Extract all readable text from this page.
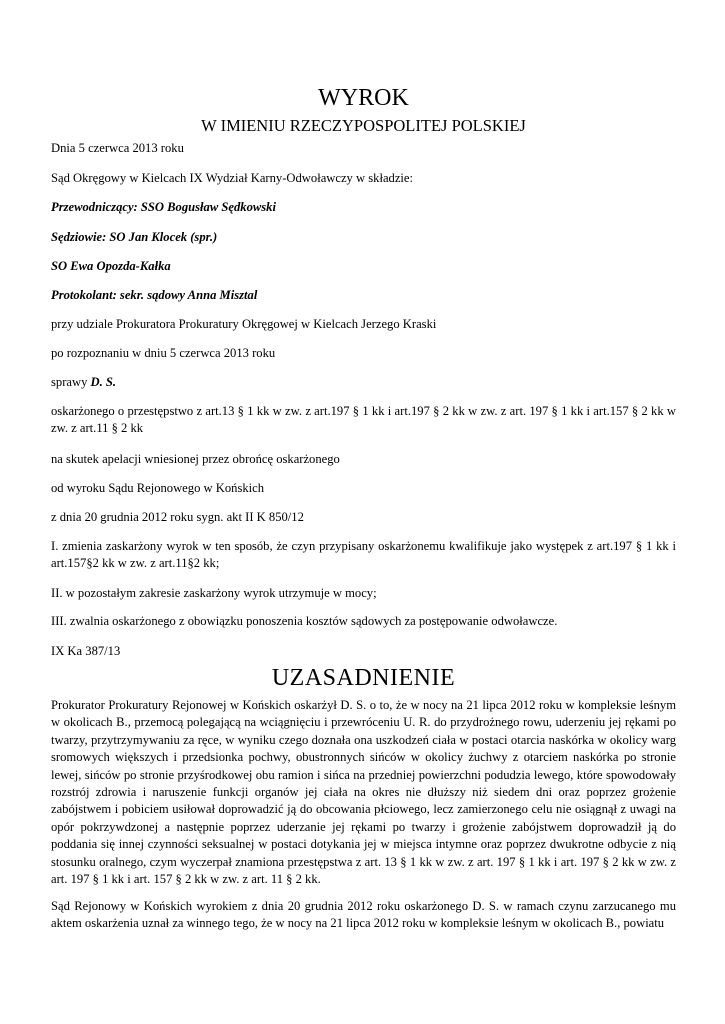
WYROK
W IMIENIU RZECZYPOSPOLITEJ POLSKIEJ

Dnia 5 czerwca 2013 roku

Sąd Okręgowy w Kielcach IX Wydział Karny-Odwoławczy w składzie:

Przewodniczący: SSO Bogusław Sędkowski

Sędziowie: SO Jan Klocek (spr.)

SO Ewa Opozda-Kałka

Protokolant: sekr. sądowy Anna Misztal

przy udziale Prokuratora Prokuratury Okręgowej w Kielcach Jerzego Kraski

po rozpoznaniu w dniu 5 czerwca 2013 roku

sprawy D. S.

oskarżonego o przestępstwo z art.13 § 1 kk w zw. z art.197 § 1 kk i art.197 § 2 kk w zw. z art. 197 § 1 kk i art.157 § 2 kk w zw. z art.11 § 2 kk

na skutek apelacji wniesionej przez obrońcę oskarżonego

od wyroku Sądu Rejonowego w Końskich

z dnia 20 grudnia 2012 roku sygn. akt II K 850/12

I. zmienia zaskarżony wyrok w ten sposób, że czyn przypisany oskarżonemu kwalifikuje jako występek z art.197 § 1 kk i art.157§2 kk w zw. z art.11§2 kk;

II. w pozostałym zakresie zaskarżony wyrok utrzymuje w mocy;

III. zwalnia oskarżonego z obowiązku ponoszenia kosztów sądowych za postępowanie odwoławcze.

IX Ka 387/13

UZASADNIENIE

Prokurator Prokuratury Rejonowej w Końskich oskarżył D. S. o to, że w nocy na 21 lipca 2012 roku w kompleksie leśnym w okolicach B., przemocą polegającą na wciągnięciu i przewróceniu U. R. do przydrożnego rowu, uderzeniu jej rękami po twarzy, przytrzymywaniu za ręce, w wyniku czego doznała ona uszkodzeń ciała w postaci otarcia naskórka w okolicy warg sromowych większych i przedsionka pochwy, obustronnych sińców w okolicy żuchwy z otarciem naskórka po stronie lewej, sińców po stronie przyśrodkowej obu ramion i sińca na przedniej powierzchni podudzia lewego, które spowodowały rozstrój zdrowia i naruszenie funkcji organów jej ciała na okres nie dłuższy niż siedem dni oraz poprzez grożenie zabójstwem i pobiciem usiłował doprowadzić ją do obcowania płciowego, lecz zamierzonego celu nie osiągnął z uwagi na opór pokrzywdzonej a następnie poprzez uderzanie jej rękami po twarzy i grożenie zabójstwem doprowadził ją do poddania się innej czynności seksualnej w postaci dotykania jej w miejsca intymne oraz poprzez dwukrotne odbycie z nią stosunku oralnego, czym wyczerpał znamiona przestępstwa z art. 13 § 1 kk w zw. z art. 197 § 1 kk i art. 197 § 2 kk w zw. z art. 197 § 1 kk i art. 157 § 2 kk w zw. z art. 11 § 2 kk.

Sąd Rejonowy w Końskich wyrokiem z dnia 20 grudnia 2012 roku oskarżonego D. S. w ramach czynu zarzucanego mu aktem oskarżenia uznał za winnego tego, że w nocy na 21 lipca 2012 roku w kompleksie leśnym w okolicach B., powiatu
